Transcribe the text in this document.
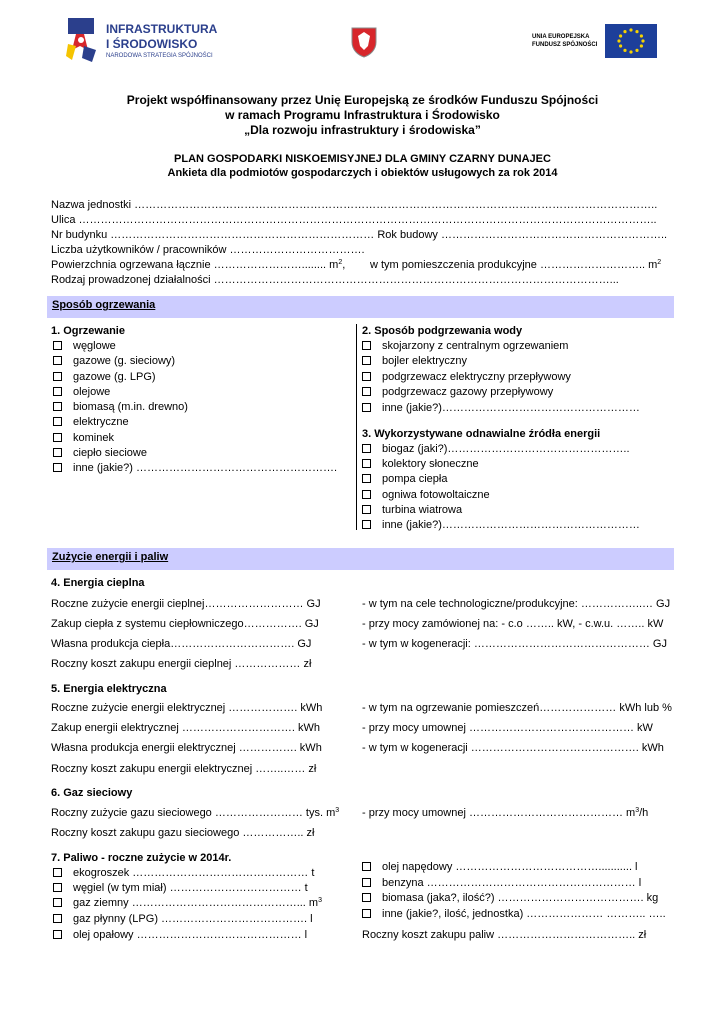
INFRASTRUKTURA
I ŚRODOWISKO
NARODOWA STRATEGIA SPÓJNOŚCI
UNIA EUROPEJSKA
FUNDUSZ SPÓJNOŚCI
Projekt współfinansowany przez Unię Europejską ze środków Funduszu Spójności
w ramach Programu Infrastruktura i Środowisko
„Dla rozwoju infrastruktury i środowiska”
PLAN GOSPODARKI NISKOEMISYJNEJ DLA GMINY CZARNY DUNAJEC
Ankieta dla podmiotów gospodarczych i obiektów usługowych za rok 2014
Nazwa jednostki ……………………………………………………………………………………………………………………………..
Ulica …………………………………………………………………………………………………………………………………………..
Nr budynku ……………………………………………………………… Rok budowy ……………………………………………………..
Liczba użytkowników / pracowników ……………………………….
Powierzchnia ogrzewana łącznie ……………………........ $m^2$, w tym pomieszczenia produkcyjne ……………………….. $m^2$
Rodzaj prowadzonej działalności ………………………………………………………………………………………………...
Sposób ogrzewania
1. Ogrzewanie
węglowe
gazowe (g. sieciowy)
gazowe (g. LPG)
olejowe
biomasą (m.in. drewno)
elektryczne
kominek
ciepło sieciowe
inne (jakie?) ……………………………………………….
2. Sposób podgrzewania wody
skojarzony z centralnym ogrzewaniem
bojler elektryczny
podgrzewacz elektryczny przepływowy
podgrzewacz gazowy przepływowy
inne (jakie?)………………………………………………
3. Wykorzystywane odnawialne źródła energii
biogaz (jaki?)…………………………………………..
kolektory słoneczne
pompa ciepła
ogniwa fotowoltaiczne
turbina wiatrowa
inne (jakie?)………………………………………………
Zużycie energii i paliw
4. Energia cieplna
Roczne zużycie energii cieplnej……………………… GJ
Zakup ciepła z systemu ciepłowniczego……………. GJ
Własna produkcja ciepła……………………………. GJ
Roczny koszt zakupu energii cieplnej ……………… zł
- w tym na cele technologiczne/produkcyjne: ……………..… GJ
- przy mocy zamówionej na: - c.o …….. kW, - c.w.u. …….. kW
- w tym w kogeneracji: ………………………………………… GJ
5. Energia elektryczna
Roczne zużycie energii elektrycznej ………………. kWh
Zakup energii elektrycznej …………………………. kWh
Własna produkcja energii elektrycznej ……………. kWh
Roczny koszt zakupu energii elektrycznej ……..…… zł
- w tym na ogrzewanie pomieszczeń………………… kWh lub %
- przy mocy umownej ……………………………………… kW
- w tym w kogeneracji ………………………………………. kWh
6. Gaz sieciowy
Roczny zużycie gazu sieciowego …………………… tys. $m^3$
Roczny koszt zakupu gazu sieciowego …………….. zł
- przy mocy umownej …………………………………… $m^3/h$
7. Paliwo - roczne zużycie w 2014r.
ekogroszek ………………………………………… t
węgiel (w tym miał) ……………………………… t
gaz ziemny ………………………………………... $m^3$
gaz płynny (LPG) …………………………………. l
olej opałowy ……………………………………… l
olej napędowy …………………………………........... l
benzyna ………………………………………………… l
biomasa (jaka?, ilość?) …………………………………. kg
inne (jakie?, ilość, jednostka) ………………… ……….. …..
Roczny koszt zakupu paliw ……………………………….. zł
